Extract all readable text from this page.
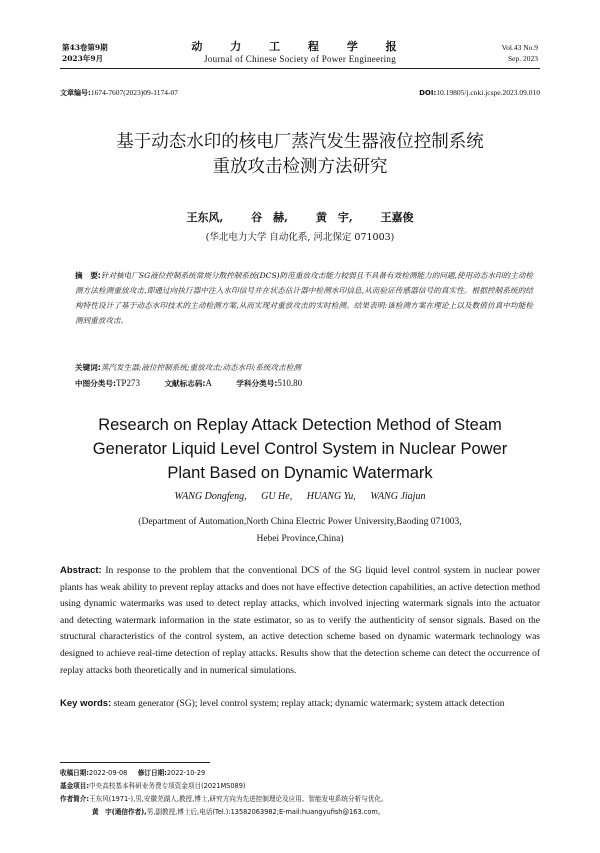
第43卷第9期
2023年9月
动 力 工 程 学 报
Journal of Chinese Society of Power Engineering
Vol.43 No.9
Sep. 2023
文章编号:1674-7607(2023)09-1174-07	DOI:10.19805/j.cnki.jcspe.2023.09.010
基于动态水印的核电厂蒸汽发生器液位控制系统
重放攻击检测方法研究
王东风,	谷　赫,	黄　宇,	王嘉俊
(华北电力大学 自动化系, 河北保定 071003)
摘　要:针对核电厂SG液位控制系统常规分散控制系统(DCS)防范重放攻击能力较弱且不具备有效检测能力的问题,使用动态水印的主动检测方法检测重放攻击,即通过向执行器中注入水印信号并在状态估计器中检测水印信息,从而验证传感器信号的真实性。根据控制系统的结构特性设计了基于动态水印技术的主动检测方案,从而实现对重放攻击的实时检测。结果表明:该检测方案在理论上以及数值仿真中均能检测到重放攻击。
关键词:蒸汽发生器;液位控制系统;重放攻击;动态水印;系统攻击检测
中图分类号:TP273	文献标志码:A	学科分类号:510.80
Research on Replay Attack Detection Method of Steam
Generator Liquid Level Control System in Nuclear Power
Plant Based on Dynamic Watermark
WANG Dongfeng, GU He, HUANG Yu, WANG Jiajun
(Department of Automation,North China Electric Power University,Baoding 071003,
Hebei Province,China)
Abstract: In response to the problem that the conventional DCS of the SG liquid level control system in nuclear power plants has weak ability to prevent replay attacks and does not have effective detection capabilities, an active detection method using dynamic watermarks was used to detect replay attacks, which involved injecting watermark signals into the actuator and detecting watermark information in the state estimator, so as to verify the authenticity of sensor signals. Based on the structural characteristics of the control system, an active detection scheme based on dynamic watermark technology was designed to achieve real-time detection of replay attacks. Results show that the detection scheme can detect the occurrence of replay attacks both theoretically and in numerical simulations.
Key words: steam generator (SG); level control system; replay attack; dynamic watermark; system attack detection
收稿日期:2022-09-08 修订日期:2022-10-29
基金项目:中央高校基本科研业务费专项资金项目(2021MS089)
作者简介:王东风(1971-),男,安徽芜湖人,教授,博士,研究方向为先进控制理论及应用、智能发电系统分析与优化。
黄　宇(通信作者),男,副教授,博士后,电话(Tel.):13582063982;E-mail:huangyufish@163.com。
